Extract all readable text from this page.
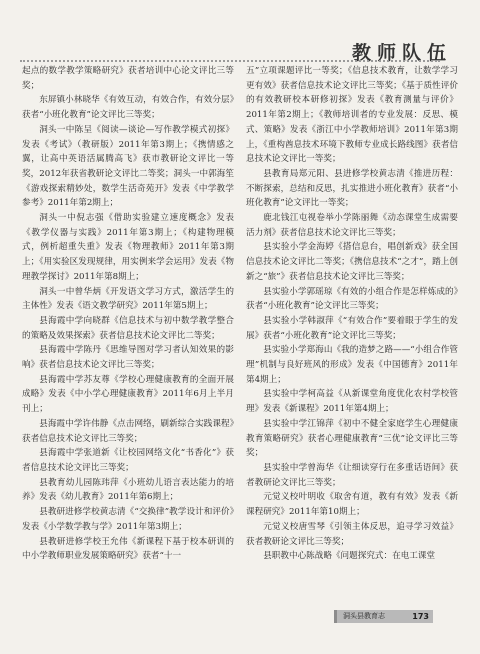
教师队伍

起点的数学教学策略研究》获者培训中心论文评比三等奖；

东屏镇小林晓华《有效互动，有效合作，有效分层》获者“小班化教育”论文评比三等奖；

洞头一中陈呈《阅读—谈论—写作教学模式初探》发表《考试》（教研版）2011年第3期上；《携情感之翼，让高中英语活属腾高飞》获市教研论文评比一等奖，2012年获省教研论文评比二等奖；洞头一中郭海笙《游戏探索精妙处，数学生活奇苑开》发表《中学教学参考》2011年第2期上；

洞头一中倪志强《借助实验建立速度概念》发表《教学仪器与实践》2011年第3期上；《构建物理模式，例析超重失重》发表《物理教师》2011年第3期上；《用实验区发现规律，用实例来学会运用》发表《物理教学探讨》2011年第8期上；

洞头一中曾华炳《开发语文学习方式，激活学生的主体性》发表《语文教学研究》2011年第5期上；

县海霞中学向晓群《信息技术与初中数学教学整合的策略及效果探索》获者信息技术论文评比二等奖；

县海霞中学陈丹《思维导图对学习者认知效果的影响》获者信息技术论文评比三等奖；

县海霞中学苏友尊《学校心理健康教育的全面开展成略》发表《中小学心理健康教育》2011年6月上半月刊上；

县海霞中学许伟静《点击网络，刷新综合实践课程》获者信息技术论文评比三等奖；

县海霞中学张道新《让校园网络文化“书香化”》获者信息技术论文评比三等奖；

县教育幼儿园陈玮萍《小班幼儿语言表达能力的培养》发表《幼儿教育》2011年第6期上；

县教研进修学校黄志清《“交换律”教学设计和评价》发表《小学数学教与学》2011年第3期上；

县教研进修学校王允伟《新课程下基于校本研训的中小学教师职业发展策略研究》获者“十一

五”立项课题评比一等奖；《信息技术教育，让数学学习更有效》获者信息技术论文评比三等奖；《基于质性评价的有效教研校本研修初探》发表《教育测量与评价》2011年第2期上；《教师培训者的专业发展：反思、模式、策略》发表《浙江中小学教师培训》2011年第3期上，《重构酋息技术环境下教师专业成长路线图》获者信息技术论文评比一等奖；

县教育局郑元阳、县进修学校黄志清《推进历程：不断探索，总结和反思，扎实推进小班化教育》获者“小班化教育”论文评比一等奖；

鹿北钱江屯视卷举小学陈丽舞《动态课堂生成需要活力剂》获者信息技术论文评比三等奖；

县实验小学金海婷《搭信息台，唱创新戏》获全国信息技术论文评比二等奖；《携信息技术“之才”，踏上创新之“旅”》获者信息技术论文评比三等奖；

县实验小学郭瑶琼《有效的小组合作是怎样炼成的》获者“小班化教育”论文评比三等奖；

县实验小学韩淑萍《“有效合作”要着眼于学生的发展》获者“小班化教育”论文评比三等奖；

县实验小学郑海山《我的造梦之路——“小组合作管理”机制与良好班风的形成》发表《中国德育》2011年第4期上；

县实验中学柯高益《从新课堂角度优化农村学校管理》发表《新课程》2011年第4期上；

县实验中学江锦萍《初中不健全家庭学生心理健康教育策略研究》获者心理健康教育“三优”论文评比三等奖；

县实验中学曾海华《让细读穿行在多重话语间》获者教研论文评比三等奖；

元觉义校叶明收《取舍有道，教有有效》发表《新课程研究》2011年第10期上；

元觉义校唐雪琴《引领主体反思，追寻学习效益》获者教研论文评比三等奖；

县职教中心陈战略《问题探究式：在电工课堂

洞头县教育志	173
